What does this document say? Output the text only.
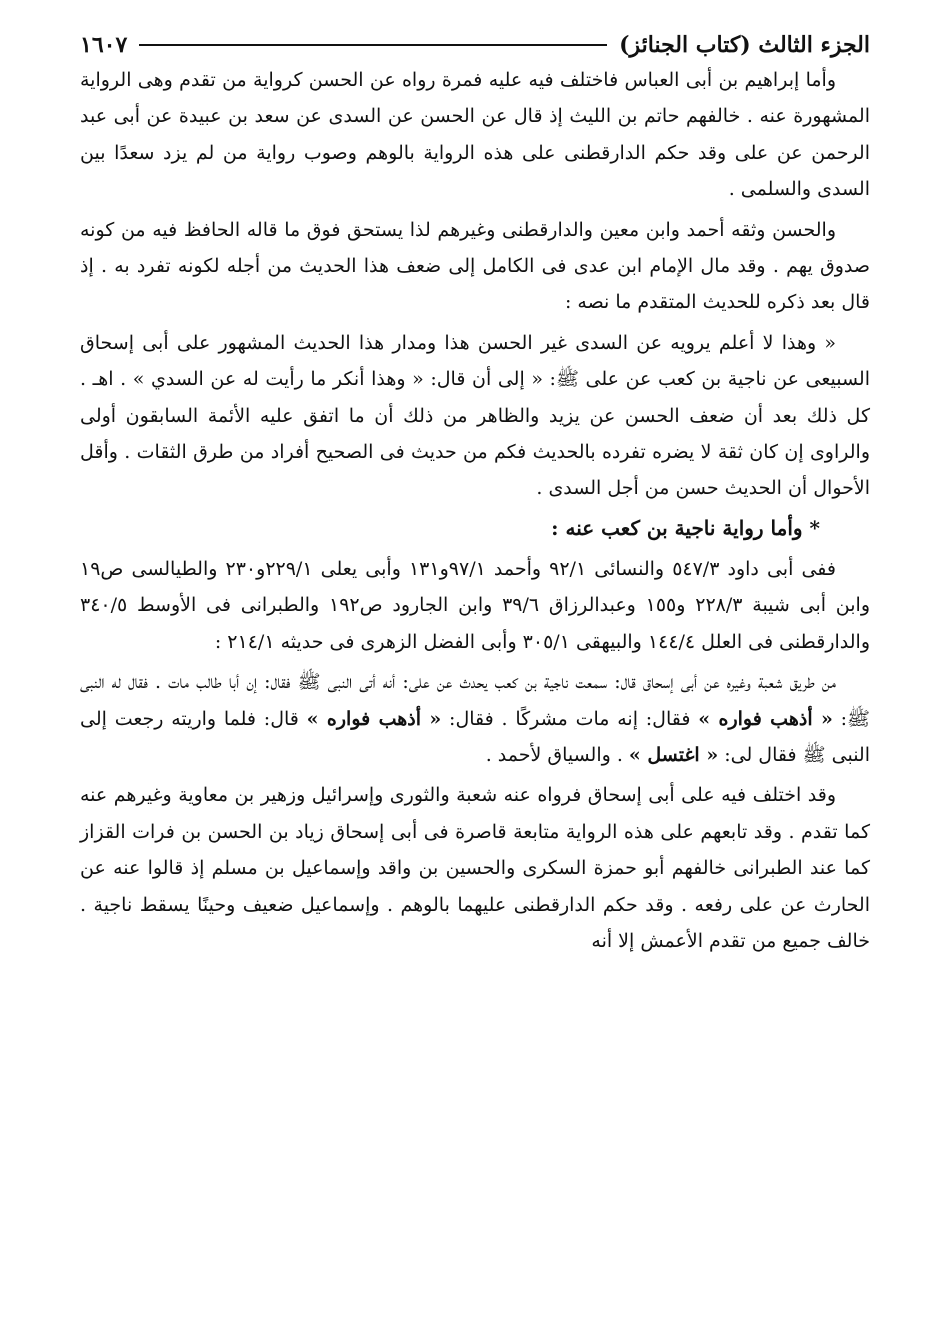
الجزء الثالث (كتاب الجنائز)
١٦٠٧

وأما إبراهيم بن أبى العباس فاختلف فيه عليه فمرة رواه عن الحسن كرواية من تقدم وهى الرواية المشهورة عنه . خالفهم حاتم بن الليث إذ قال عن الحسن عن السدى عن سعد بن عبيدة عن أبى عبد الرحمن عن على وقد حكم الدارقطنى على هذه الرواية بالوهم وصوب رواية من لم يزد سعدًا بين السدى والسلمى .

والحسن وثقه أحمد وابن معين والدارقطنى وغيرهم لذا يستحق فوق ما قاله الحافظ فيه من كونه صدوق يهم . وقد مال الإمام ابن عدى فى الكامل إلى ضعف هذا الحديث من أجله لكونه تفرد به . إذ قال بعد ذكره للحديث المتقدم ما نصه :

« وهذا لا أعلم يرويه عن السدى غير الحسن هذا ومدار هذا الحديث المشهور على أبى إسحاق السبيعى عن ناجية بن كعب عن على ﷺ: « إلى أن قال: « وهذا أنكر ما رأيت له عن السدي » . اهـ . كل ذلك بعد أن ضعف الحسن عن يزيد والظاهر من ذلك أن ما اتفق عليه الأئمة السابقون أولى والراوى إن كان ثقة لا يضره تفرده بالحديث فكم من حديث فى الصحيح أفراد من طرق الثقات . وأقل الأحوال أن الحديث حسن من أجل السدى .

* وأما رواية ناجية بن كعب عنه :

ففى أبى داود ٥٤٧/٣ والنسائى ٩٢/١ وأحمد ٩٧/١و١٣١ وأبى يعلى ٢٢٩/١و٢٣٠ والطيالسى ص١٩ وابن أبى شيبة ٢٢٨/٣ و١٥٥ وعبدالرزاق ٣٩/٦ وابن الجارود ص١٩٢ والطبرانى فى الأوسط ٣٤٠/٥ والدارقطنى فى العلل ١٤٤/٤ والبيهقى ٣٠٥/١ وأبى الفضل الزهرى فى حديثه ٢١٤/١ :

من طريق شعبة وغيره عن أبى إسحاق قال: سمعت ناجية بن كعب يحدث عن على: أنه أتى النبى ﷺ فقال: إن أبا طالب مات . فقال له النبى ﷺ: « أذهب فواره » فقال: إنه مات مشركًا . فقال: « أذهب فواره » قال: فلما واريته رجعت إلى النبى ﷺ فقال لى: « اغتسل » . والسياق لأحمد .

وقد اختلف فيه على أبى إسحاق فرواه عنه شعبة والثورى وإسرائيل وزهير بن معاوية وغيرهم عنه كما تقدم . وقد تابعهم على هذه الرواية متابعة قاصرة فى أبى إسحاق زياد بن الحسن بن فرات القزاز كما عند الطبرانى خالفهم أبو حمزة السكرى والحسين بن واقد وإسماعيل بن مسلم إذ قالوا عنه عن الحارث عن على رفعه . وقد حكم الدارقطنى عليهما بالوهم . وإسماعيل ضعيف وحينًا يسقط ناجية . خالف جميع من تقدم الأعمش إلا أنه
